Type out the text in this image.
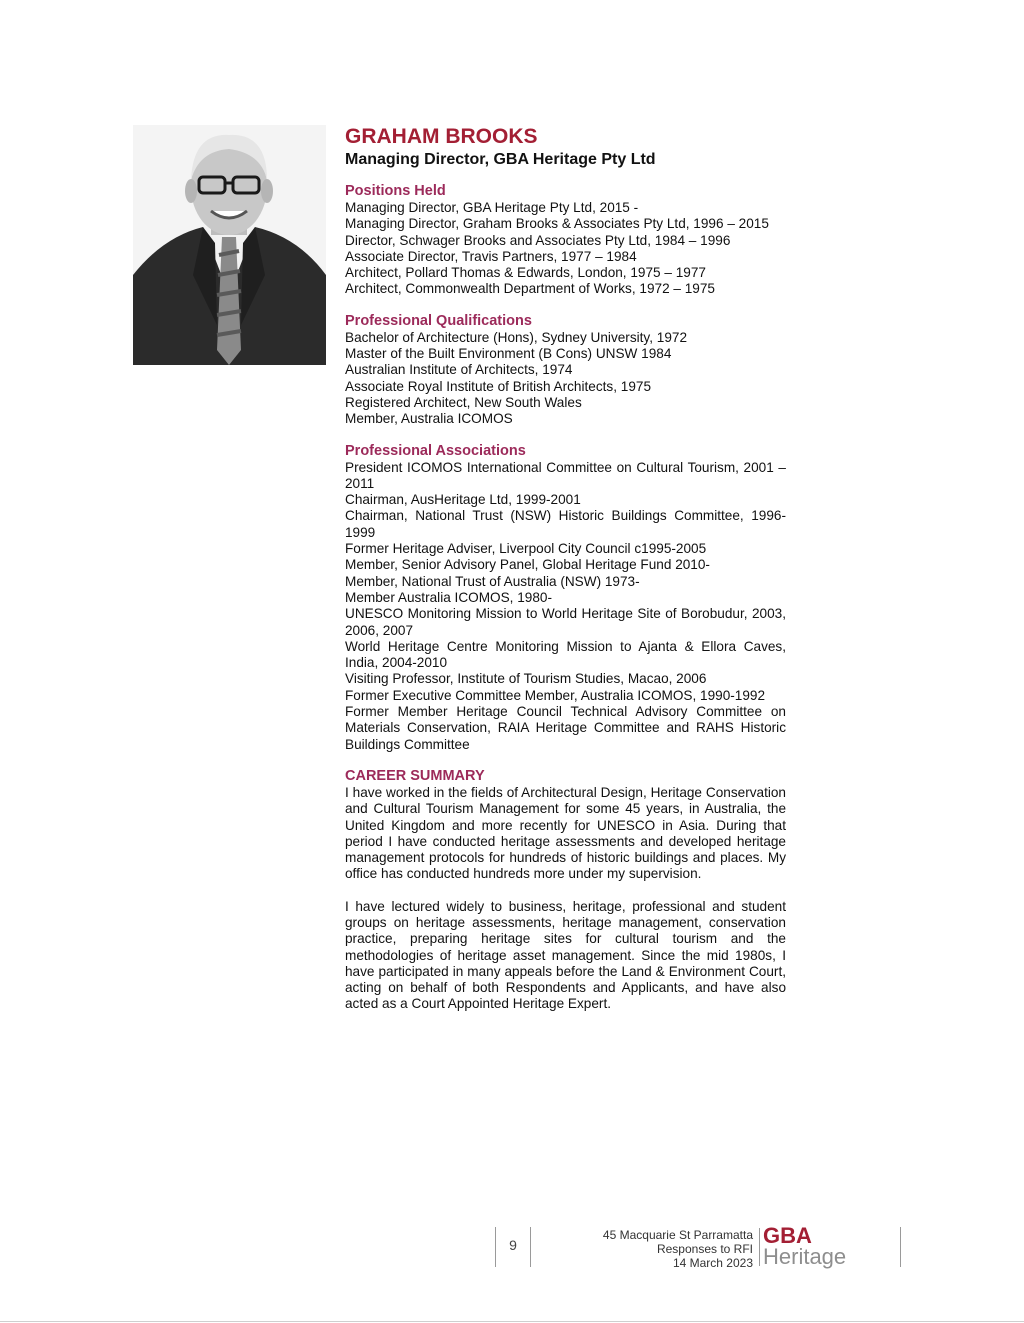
GRAHAM BROOKS
Managing Director, GBA Heritage Pty Ltd
Positions Held

Managing Director, GBA Heritage Pty Ltd, 2015 -

Managing Director, Graham Brooks & Associates Pty Ltd, 1996 – 2015

Director, Schwager Brooks and Associates Pty Ltd, 1984 – 1996

Associate Director, Travis Partners, 1977 – 1984

Architect, Pollard Thomas & Edwards, London, 1975 – 1977

Architect, Commonwealth Department of Works, 1972 – 1975

Professional Qualifications

Bachelor of Architecture (Hons), Sydney University, 1972

Master of the Built Environment (B Cons) UNSW 1984

Australian Institute of Architects, 1974

Associate Royal Institute of British Architects, 1975

Registered Architect, New South Wales

Member, Australia ICOMOS

Professional Associations

President ICOMOS International Committee on Cultural Tourism, 2001 – 2011

Chairman, AusHeritage Ltd, 1999-2001

Chairman, National Trust (NSW) Historic Buildings Committee, 1996-1999

Former Heritage Adviser, Liverpool City Council c1995-2005

Member, Senior Advisory Panel, Global Heritage Fund 2010-

Member, National Trust of Australia (NSW) 1973-

Member Australia ICOMOS, 1980-

UNESCO Monitoring Mission to World Heritage Site of Borobudur, 2003, 2006, 2007

World Heritage Centre Monitoring Mission to Ajanta & Ellora Caves, India, 2004-2010

Visiting Professor, Institute of Tourism Studies, Macao, 2006

Former Executive Committee Member, Australia ICOMOS, 1990-1992

Former Member Heritage Council Technical Advisory Committee on Materials Conservation, RAIA Heritage Committee and RAHS Historic Buildings Committee

CAREER SUMMARY

I have worked in the fields of Architectural Design, Heritage Conservation and Cultural Tourism Management for some 45 years, in Australia, the United Kingdom and more recently for UNESCO in Asia. During that period I have conducted heritage assessments and developed heritage management protocols for hundreds of historic buildings and places. My office has conducted hundreds more under my supervision.

I have lectured widely to business, heritage, professional and student groups on heritage assessments, heritage management, conservation practice, preparing heritage sites for cultural tourism and the methodologies of heritage asset management. Since the mid 1980s, I have participated in many appeals before the Land & Environment Court, acting on behalf of both Respondents and Applicants, and have also acted as a Court Appointed Heritage Expert.

9
45 Macquarie St Parramatta
Responses to RFI
14 March 2023
GBA
Heritage
